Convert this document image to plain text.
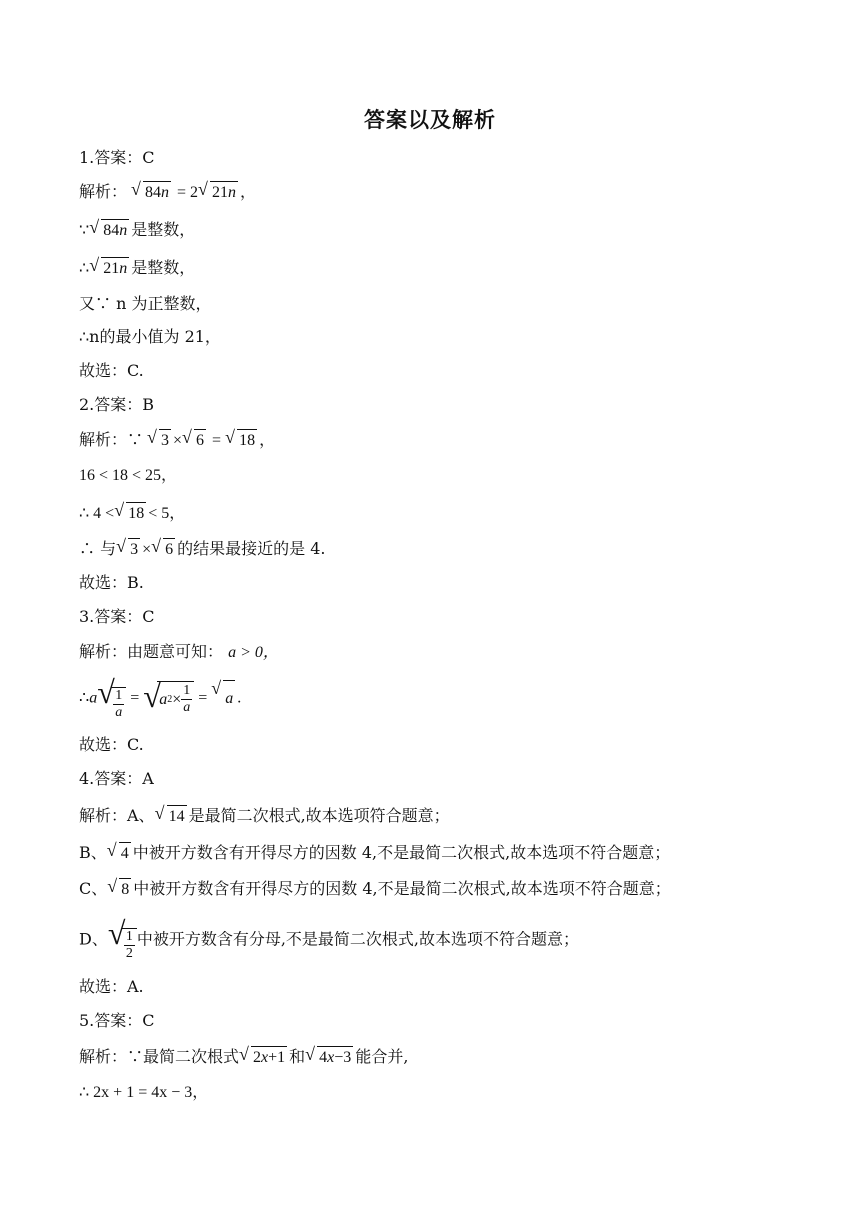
答案以及解析
1.答案：C
解析： √ 84n = 2 √ 21n ，
∵ √ 84n 是整数，
∴ √ 21n 是整数，
又∵ n 为正整数，
∴n的最小值为 21，
故选：C.
2.答案：B
解析：∵ √ 3 × √ 6 = √ 18 ，
16 < 18 < 25，
∴ 4 < √ 18 < 5，
∴ 与 √ 3 × √ 6 的结果最接近的是 4.
故选：B.
3.答案：C
解析：由题意可知： a > 0，
∴a √
$\frac{1}{a}$ = √
a $2 \times \frac{1}{a}$ =
√
a .
故选：C.
4.答案：A
解析：A、 √ 14 是最简二次根式,故本选项符合题意；
B、 √ 4 中被开方数含有开得尽方的因数 4,不是最简二次根式,故本选项不符合题意；
C、 √ 8 中被开方数含有开得尽方的因数 4,不是最简二次根式,故本选项不符合题意；
D、 √
$\frac{1}{2}$ 中被开方数含有分母,不是最简二次根式,故本选项不符合题意；
故选：A.
5.答案：C
解析：∵最简二次根式 √ 2x+1 和 √ 4x−3 能合并,
∴ 2x + 1 = 4x − 3，
